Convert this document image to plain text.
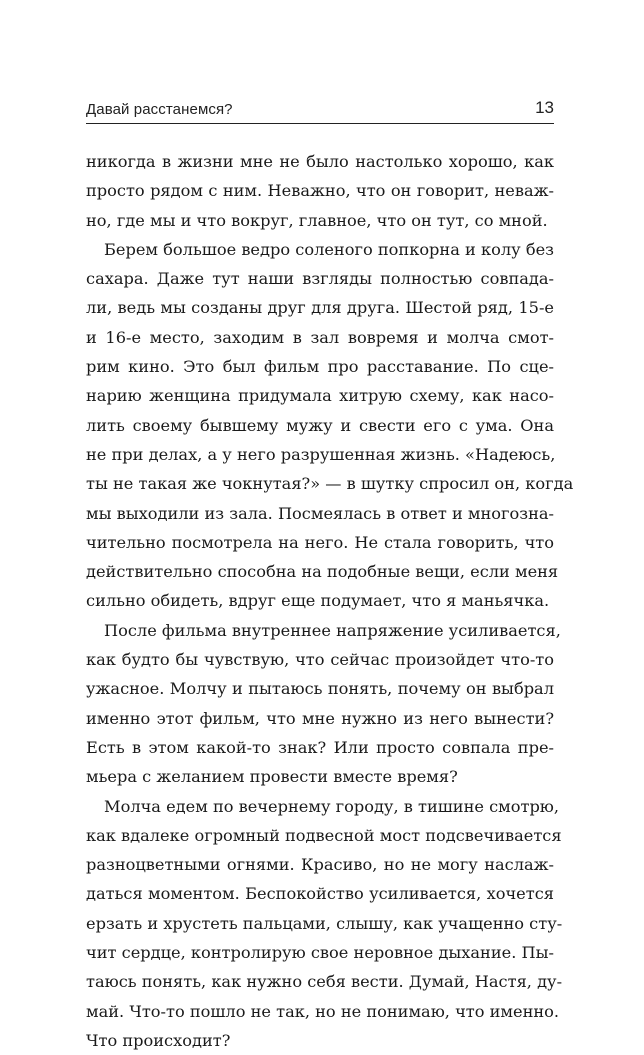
Давай расстанемся?	13

никогда в жизни мне не было настолько хорошо, как
просто рядом с ним. Неважно, что он говорит, неваж-
но, где мы и что вокруг, главное, что он тут, со мной.

Берем большое ведро соленого попкорна и колу без
сахара. Даже тут наши взгляды полностью совпада-
ли, ведь мы созданы друг для друга. Шестой ряд, 15-е
и 16-е место, заходим в зал вовремя и молча смот-
рим кино. Это был фильм про расставание. По сце-
нарию женщина придумала хитрую схему, как насо-
лить своему бывшему мужу и свести его с ума. Она
не при делах, а у него разрушенная жизнь. «Надеюсь,
ты не такая же чокнутая?» — в шутку спросил он, когда
мы выходили из зала. Посмеялась в ответ и многозна-
чительно посмотрела на него. Не стала говорить, что
действительно способна на подобные вещи, если меня
сильно обидеть, вдруг еще подумает, что я маньячка.

После фильма внутреннее напряжение усиливается,
как будто бы чувствую, что сейчас произойдет что-то
ужасное. Молчу и пытаюсь понять, почему он выбрал
именно этот фильм, что мне нужно из него вынести?
Есть в этом какой-то знак? Или просто совпала пре-
мьера с желанием провести вместе время?

Молча едем по вечернему городу, в тишине смотрю,
как вдалеке огромный подвесной мост подсвечивается
разноцветными огнями. Красиво, но не могу наслаж-
даться моментом. Беспокойство усиливается, хочется
ерзать и хрустеть пальцами, слышу, как учащенно сту-
чит сердце, контролирую свое неровное дыхание. Пы-
таюсь понять, как нужно себя вести. Думай, Настя, ду-
май. Что-то пошло не так, но не понимаю, что именно.
Что происходит?
